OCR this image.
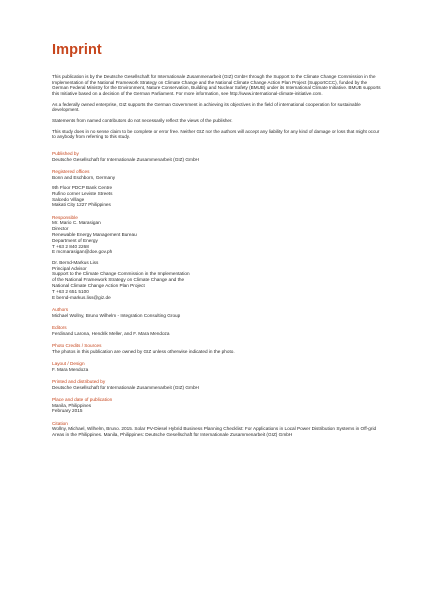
Imprint

This publication is by the Deutsche Gesellschaft für Internationale Zusammenarbeit (GIZ) GmbH through the Support to the Climate Change Commission in the Implementation of the National Framework Strategy on Climate Change and the National Climate Change Action Plan Project (SupportCCC), funded by the German Federal Ministry for the Environment, Nature Conservation, Building and Nuclear Safety (BMUB) under its International Climate Initiative. BMUB supports this Initiative based on a decision of the German Parliament. For more information, see http://www.international-climate-initiative.com.

As a federally owned enterprise, GIZ supports the German Government in achieving its objectives in the field of international cooperation for sustainable development.

Statements from named contributors do not necessarily reflect the views of the publisher.

This study does in no sense claim to be complete or error free. Neither GIZ nor the authors will accept any liability for any kind of damage or loss that might occur to anybody from referring to this study.

Published by

Deutsche Gesellschaft für Internationale Zusammenarbeit (GIZ) GmbH

Registered offices

Bonn and Eschborn, Germany

9th Floor PDCP Bank Centre

Rufino corner Leviste Streets

Salcedo Village

Makati City 1227 Philippines

Responsible

Mr. Mario C. Marasigan

Director

Renewable Energy Management Bureau

Department of Energy

T +63 2 840 2268

E mcmarasigan@doe.gov.ph

Dr. Bernd-Markus Liss

Principal Advisor

Support to the Climate Change Commission in the Implementation

of the National Framework Strategy on Climate Change and the

National Climate Change Action Plan Project

T +63 2 651 5100

E bernd-markus.liss@giz.de

Authors

Michael Wollny, Bruno Wilhelm - Integration Consulting Group

Editors

Ferdinand Larona, Hendrik Meller, and F. Mara Mendoza

Photo Credits / Sources

The photos in this publication are owned by GIZ unless otherwise indicated in the photo.

Layout / Design

F. Mara Mendoza

Printed and distributed by

Deutsche Gesellschaft für Internationale Zusammenarbeit (GIZ) GmbH

Place and date of publication

Manila, Philippines

February 2015

Citation

Wollny, Michael, Wilhelm, Bruno. 2015. Solar PV-Diesel Hybrid Business Planning Checklist: For Applications in Local Power Distribution Systems in Off-grid Areas in the Philippines. Manila, Philippines: Deutsche Gesellschaft für Internationale Zusammenarbeit (GIZ) GmbH
